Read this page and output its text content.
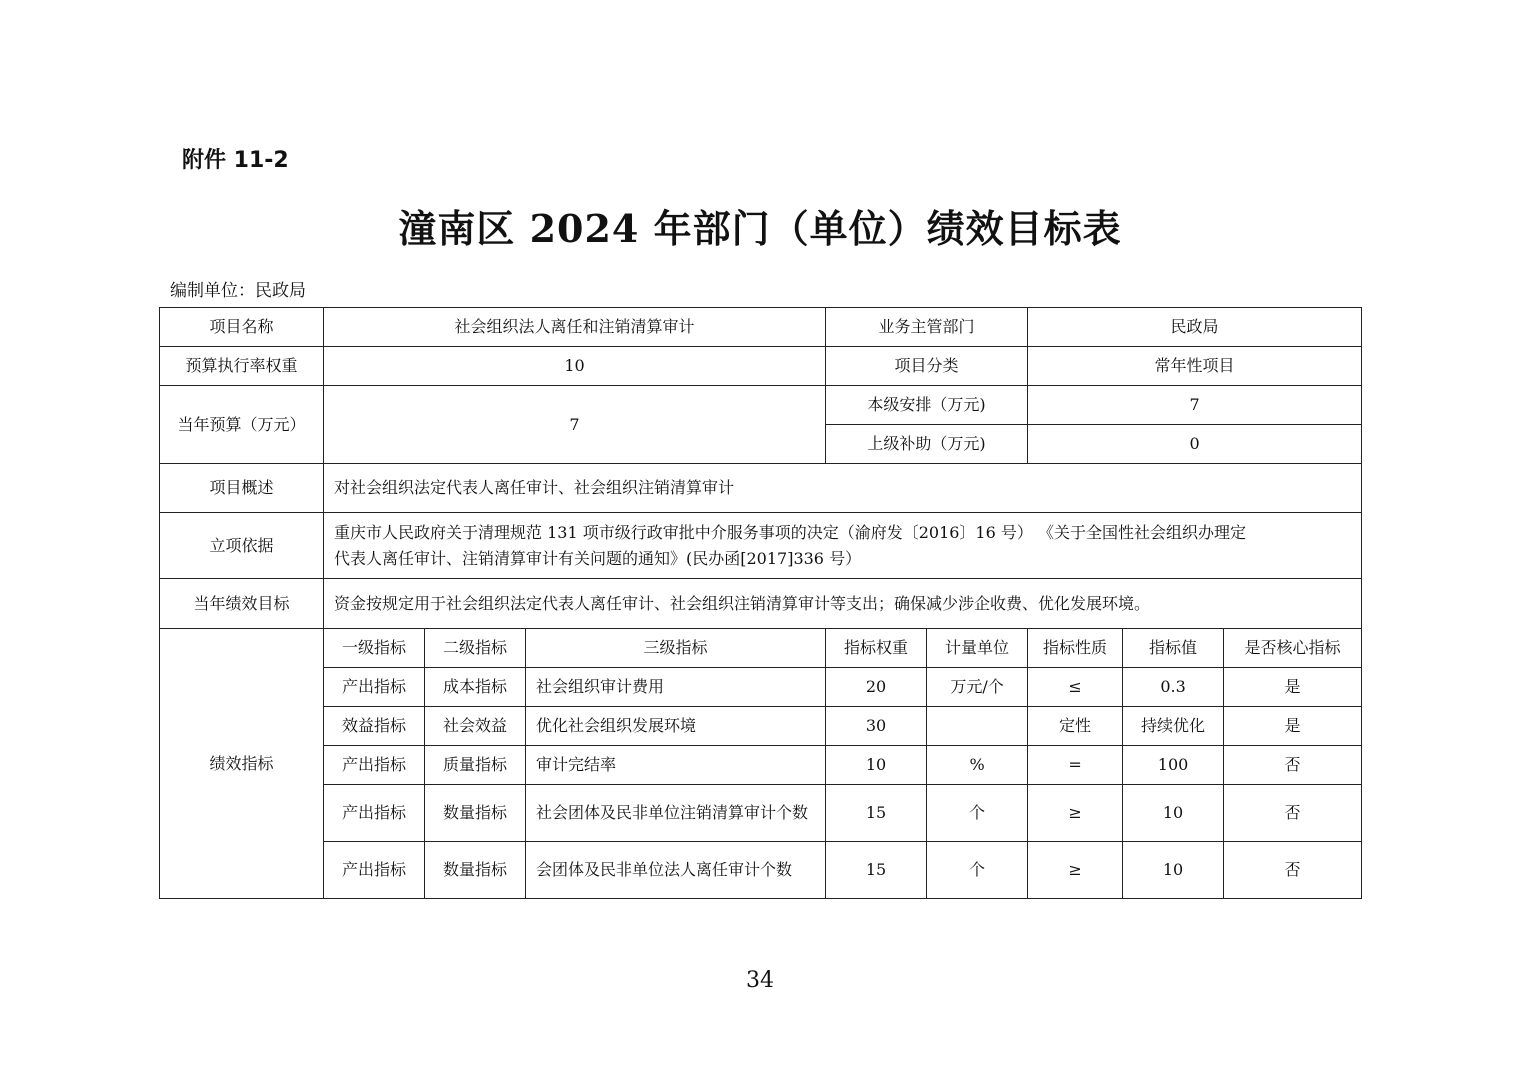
附件 11-2
潼南区 2024 年部门（单位）绩效目标表
编制单位：民政局
项目名称	社会组织法人离任和注销清算审计			业务主管部门		民政局		
预算执行率权重	10			项目分类		常年性项目		
当年预算（万元）	7			本级安排（万元)		7		
				上级补助（万元)		0		
项目概述	对社会组织法定代表人离任审计、社会组织注销清算审计							
立项依据	重庆市人民政府关于清理规范 131 项市级行政审批中介服务事项的决定（渝府发〔2016〕16 号） 《关于全国性社会组织办理定
代表人离任审计、注销清算审计有关问题的通知》(民办函[2017]336 号）							

当年绩效目标	资金按规定用于社会组织法定代表人离任审计、社会组织注销清算审计等支出；确保减少涉企收费、优化发展环境。							
绩效指标	一级指标	二级指标	三级指标	指标权重	计量单位	指标性质	指标值	是否核心指标
	产出指标	成本指标	社会组织审计费用	20	万元/个	≤	0.3	是
	效益指标	社会效益	优化社会组织发展环境	30		定性	持续优化	是
	产出指标	质量指标	审计完结率	10	%	=	100	否
	产出指标	数量指标	社会团体及民非单位注销清算审计个数	15	个	≥	10	否
	产出指标	数量指标	会团体及民非单位法人离任审计个数	15	个	≥	10	否
34
